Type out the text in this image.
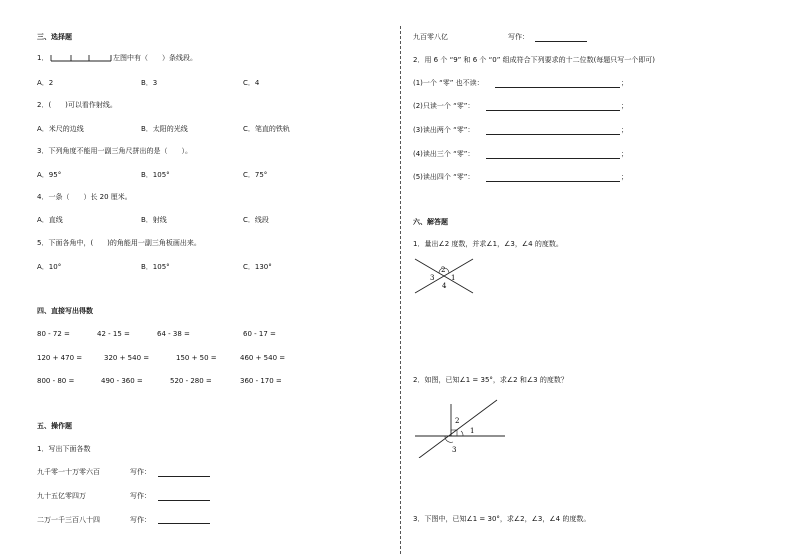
三、选择题
1．	左图中有（　　）条线段。
A．2	B．3	C．4
2．(　　)可以看作射线。
A．米尺的边线	B．太阳的光线	C．笔直的铁轨
3．下列角度不能用一副三角尺拼出的是（　　）。
A．95°	B．105°	C．75°
4．一条（　　）长 20 厘米。
A．直线	B．射线	C．线段
5．下面各角中，(　　)的角能用一副三角板画出来。
A．10°	B．105°	C．130°
四、直接写出得数
80 - 72 =	42 - 15 =	64 - 38 =	60 - 17 =
120 + 470 =	320 + 540 =	150 + 50 =	460 + 540 =
800 - 80 =	490 - 360 =	520 - 280 =	360 - 170 =
五、操作题
1．写出下面各数
九千零一十万零六百	写作：
九十五亿零四万	写作：
二万一千三百八十四	写作：
九百零八亿	写作：
2．用 6 个 “9” 和 6 个 “0” 组成符合下列要求的十二位数(每题只写一个即可)
(1)一个 “零” 也不读：	；
(2)只读一个 “零”：	；
(3)读出两个 “零”：	；
(4)读出三个 “零”：	；
(5)读出四个 “零”：	；
六、解答题
1．量出∠2 度数，并求∠1，∠3，∠4 的度数。
2
3 1
4
2．如图，已知∠1 = 35°，求∠2 和∠3 的度数？
2
1
3
3．下图中，已知∠1 = 30°，求∠2，∠3，∠4 的度数。
